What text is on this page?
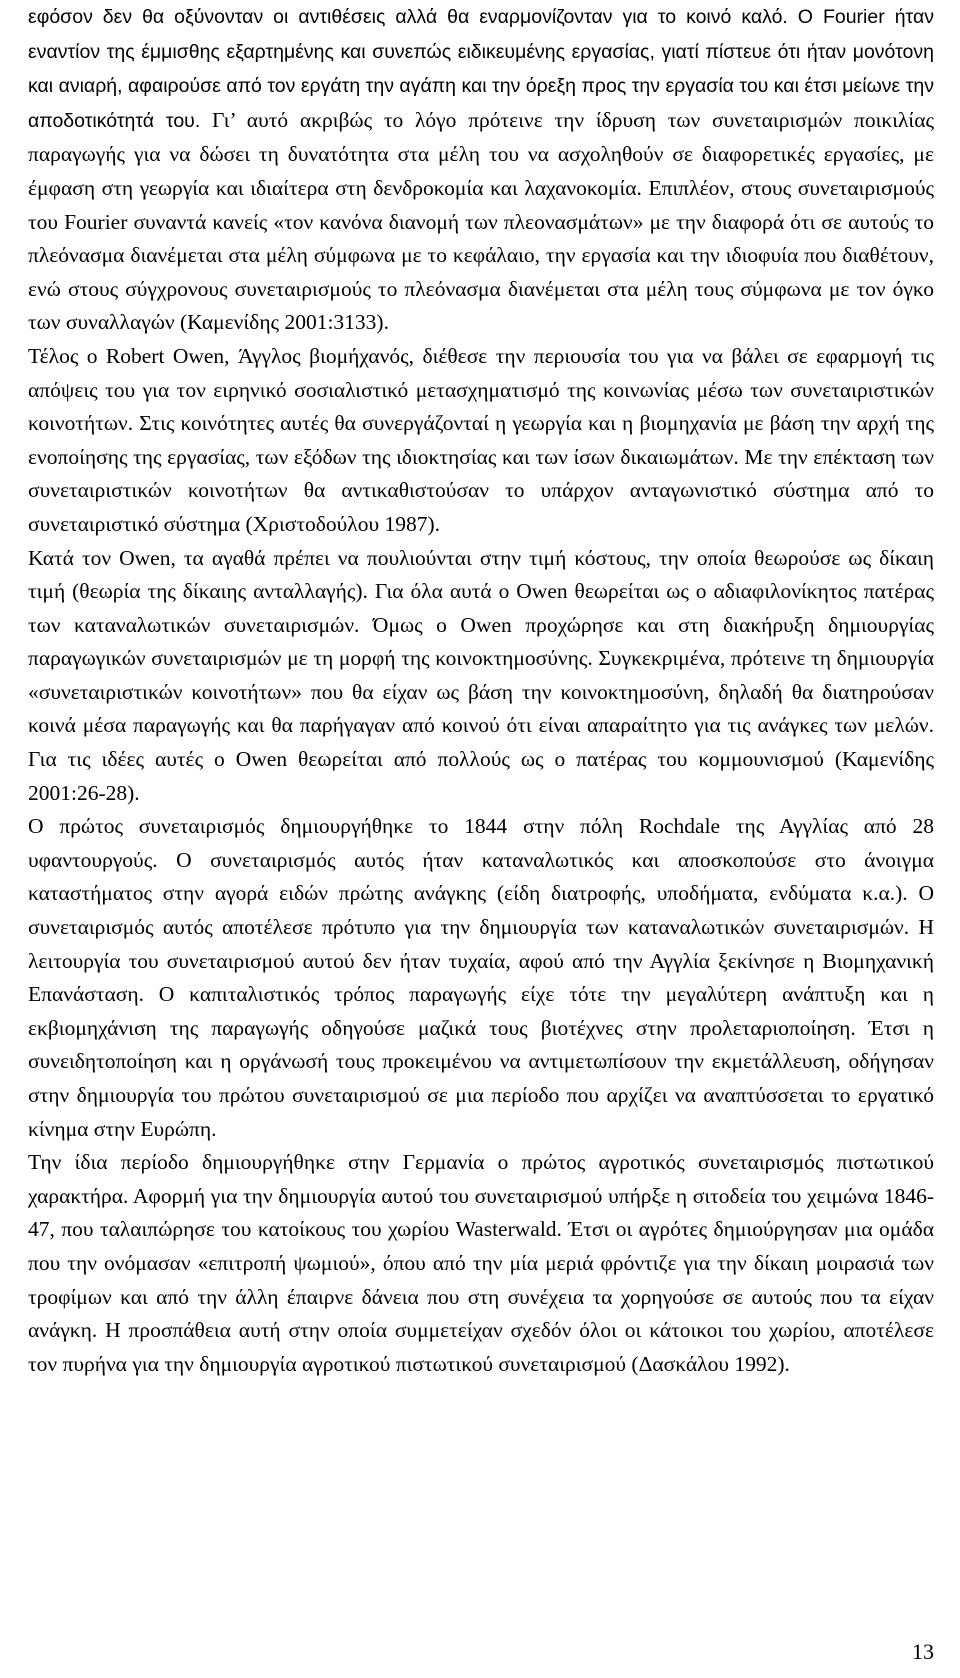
εφόσον δεν θα οξύνονταν οι αντιθέσεις αλλά θα εναρμονίζονταν για το κοινό καλό. Ο Fourier ήταν εναντίον της έμμισθης εξαρτημένης και συνεπώς ειδικευμένης εργασίας, γιατί πίστευε ότι ήταν μονότονη και ανιαρή, αφαιρούσε από τον εργάτη την αγάπη και την όρεξη προς την εργασία του και έτσι μείωνε την αποδοτικότητά του. Γι’ αυτό ακριβώς το λόγο πρότεινε την ίδρυση των συνεταιρισμών ποικιλίας παραγωγής για να δώσει τη δυνατότητα στα μέλη του να ασχοληθούν σε διαφορετικές εργασίες, με έμφαση στη γεωργία και ιδιαίτερα στη δενδροκομία και λαχανοκομία. Επιπλέον, στους συνεταιρισμούς του Fourier συναντά κανείς «τον κανόνα διανομή των πλεονασμάτων» με την διαφορά ότι σε αυτούς το πλεόνασμα διανέμεται στα μέλη σύμφωνα με το κεφάλαιο, την εργασία και την ιδιοφυία που διαθέτουν, ενώ στους σύγχρονους συνεταιρισμούς το πλεόνασμα διανέμεται στα μέλη τους σύμφωνα με τον όγκο των συναλλαγών (Καμενίδης 2001:3133).

Τέλος ο Robert Owen, Άγγλος βιομήχανός, διέθεσε την περιουσία του για να βάλει σε εφαρμογή τις απόψεις του για τον ειρηνικό σοσιαλιστικό μετασχηματισμό της κοινωνίας μέσω των συνεταιριστικών κοινοτήτων. Στις κοινότητες αυτές θα συνεργάζονταί η γεωργία και η βιομηχανία με βάση την αρχή της ενοποίησης της εργασίας, των εξόδων της ιδιοκτησίας και των ίσων δικαιωμάτων. Με την επέκταση των συνεταιριστικών κοινοτήτων θα αντικαθιστούσαν το υπάρχον ανταγωνιστικό σύστημα από το συνεταιριστικό σύστημα (Χριστοδούλου 1987).

Κατά τον Owen, τα αγαθά πρέπει να πουλιούνται στην τιμή κόστους, την οποία θεωρούσε ως δίκαιη τιμή (θεωρία της δίκαιης ανταλλαγής). Για όλα αυτά ο Owen θεωρείται ως ο αδιαφιλονίκητος πατέρας των καταναλωτικών συνεταιρισμών. Όμως ο Owen προχώρησε και στη διακήρυξη δημιουργίας παραγωγικών συνεταιρισμών με τη μορφή της κοινοκτημοσύνης. Συγκεκριμένα, πρότεινε τη δημιουργία «συνεταιριστικών κοινοτήτων» που θα είχαν ως βάση την κοινοκτημοσύνη, δηλαδή θα διατηρούσαν κοινά μέσα παραγωγής και θα παρήγαγαν από κοινού ότι είναι απαραίτητο για τις ανάγκες των μελών. Για τις ιδέες αυτές ο Owen θεωρείται από πολλούς ως ο πατέρας του κομμουνισμού (Καμενίδης 2001:26-28).

Ο πρώτος συνεταιρισμός δημιουργήθηκε το 1844 στην πόλη Rochdale της Αγγλίας από 28 υφαντουργούς. Ο συνεταιρισμός αυτός ήταν καταναλωτικός και αποσκοπούσε στο άνοιγμα καταστήματος στην αγορά ειδών πρώτης ανάγκης (είδη διατροφής, υποδήματα, ενδύματα κ.α.). Ο συνεταιρισμός αυτός αποτέλεσε πρότυπο για την δημιουργία των καταναλωτικών συνεταιρισμών. Η λειτουργία του συνεταιρισμού αυτού δεν ήταν τυχαία, αφού από την Αγγλία ξεκίνησε η Βιομηχανική Επανάσταση. Ο καπιταλιστικός τρόπος παραγωγής είχε τότε την μεγαλύτερη ανάπτυξη και η εκβιομηχάνιση της παραγωγής οδηγούσε μαζικά τους βιοτέχνες στην προλεταριοποίηση. Έτσι η συνειδητοποίηση και η οργάνωσή τους προκειμένου να αντιμετωπίσουν την εκμετάλλευση, οδήγησαν στην δημιουργία του πρώτου συνεταιρισμού σε μια περίοδο που αρχίζει να αναπτύσσεται το εργατικό κίνημα στην Ευρώπη.

Την ίδια περίοδο δημιουργήθηκε στην Γερμανία ο πρώτος αγροτικός συνεταιρισμός πιστωτικού χαρακτήρα. Αφορμή για την δημιουργία αυτού του συνεταιρισμού υπήρξε η σιτοδεία του χειμώνα 1846-47, που ταλαιπώρησε του κατοίκους του χωρίου Wasterwald. Έτσι οι αγρότες δημιούργησαν μια ομάδα που την ονόμασαν «επιτροπή ψωμιού», όπου από την μία μεριά φρόντιζε για την δίκαιη μοιρασιά των τροφίμων και από την άλλη έπαιρνε δάνεια που στη συνέχεια τα χορηγούσε σε αυτούς που τα είχαν ανάγκη. Η προσπάθεια αυτή στην οποία συμμετείχαν σχεδόν όλοι οι κάτοικοι του χωρίου, αποτέλεσε τον πυρήνα για την δημιουργία αγροτικού πιστωτικού συνεταιρισμού (Δασκάλου 1992).

13
